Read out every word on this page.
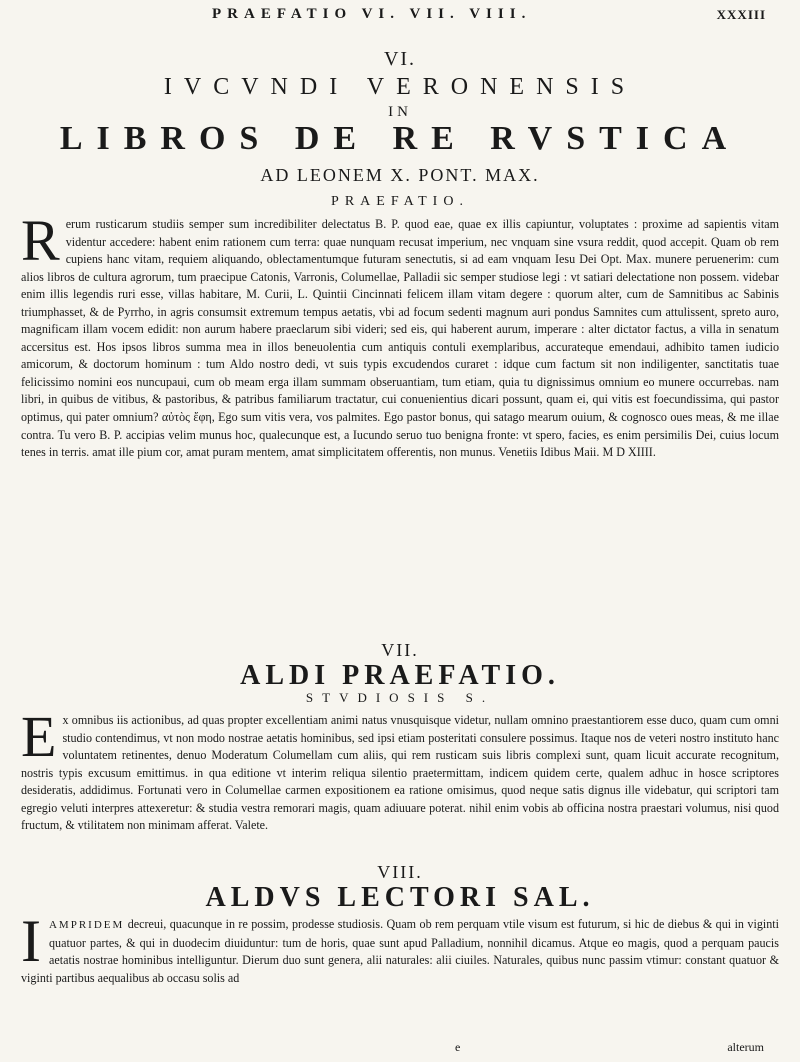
PRAEFATIO VI. VII. VIII.	XXXIII
VI.
IVCVNDI VERONENSIS
IN
LIBROS DE RE RVSTICA
AD LEONEM X. PONT. MAX.
PRAEFATIO.

Rerum rusticarum studiis semper sum incredibiliter delectatus B. P. quod eae, quae ex illis capiuntur, voluptates : proxime ad sapientis vitam videntur accedere: habent enim rationem cum terra: quae nunquam recusat imperium, nec vnquam sine vsura reddit, quod accepit. Quam ob rem cupiens hanc vitam, requiem aliquando, oblectamentumque futuram senectutis, si ad eam vnquam Iesu Dei Opt. Max. munere peruenerim: cum alios libros de cultura agrorum, tum praecipue Catonis, Varronis, Columellae, Palladii sic semper studiose legi : vt satiari delectatione non possem. videbar enim illis legendis ruri esse, villas habitare, M. Curii, L. Quintii Cincinnati felicem illam vitam degere : quorum alter, cum de Samnitibus ac Sabinis triumphasset, & de Pyrrho, in agris consumsit extremum tempus aetatis, vbi ad focum sedenti magnum auri pondus Samnites cum attulissent, spreto auro, magnificam illam vocem edidit: non aurum habere praeclarum sibi videri; sed eis, qui haberent aurum, imperare : alter dictator factus, a villa in senatum accersitus est. Hos ipsos libros summa mea in illos beneuolentia cum antiquis contuli exemplaribus, accurateque emendaui, adhibito tamen iudicio amicorum, & doctorum hominum : tum Aldo nostro dedi, vt suis typis excudendos curaret : idque cum factum sit non indiligenter, sanctitatis tuae felicissimo nomini eos nuncupaui, cum ob meam erga illam summam obseruantiam, tum etiam, quia tu dignissimus omnium eo munere occurrebas. nam libri, in quibus de vitibus, & pastoribus, & patribus familiarum tractatur, cui conuenientius dicari possunt, quam ei, qui vitis est foecundissima, qui pastor optimus, qui pater omnium? αὐτὸς ἔφη, Ego sum vitis vera, vos palmites. Ego pastor bonus, qui satago mearum ouium, & cognosco oues meas, & me illae contra. Tu vero B. P. accipias velim munus hoc, qualecunque est, a Iucundo seruo tuo benigna fronte: vt spero, facies, es enim persimilis Dei, cuius locum tenes in terris. amat ille pium cor, amat puram mentem, amat simplicitatem offerentis, non munus. Venetiis Idibus Maii. M D XIIII.

VII.
ALDI PRAEFATIO.
STVDIOSIS S.

Ex omnibus iis actionibus, ad quas propter excellentiam animi natus vnusquisque videtur, nullam omnino praestantiorem esse duco, quam cum omni studio contendimus, vt non modo nostrae aetatis hominibus, sed ipsi etiam posteritati consulere possimus. Itaque nos de veteri nostro instituto hanc voluntatem retinentes, denuo Moderatum Columellam cum aliis, qui rem rusticam suis libris complexi sunt, quam licuit accurate recognitum, nostris typis excusum emittimus. in qua editione vt interim reliqua silentio praetermittam, indicem quidem certe, qualem adhuc in hosce scriptores desideratis, addidimus. Fortunati vero in Columellae carmen expositionem ea ratione omisimus, quod neque satis dignus ille videbatur, qui scriptori tam egregio veluti interpres attexeretur: & studia vestra remorari magis, quam adiuuare poterat. nihil enim vobis ab officina nostra praestari volumus, nisi quod fructum, & vtilitatem non minimam afferat. Valete.

VIII.
ALDVS LECTORI SAL.

IAMPRIDEM decreui, quacunque in re possim, prodesse studiosis. Quam ob rem perquam vtile visum est futurum, si hic de diebus & qui in viginti quatuor partes, & qui in duodecim diuiduntur: tum de horis, quae sunt apud Palladium, nonnihil dicamus. Atque eo magis, quod a perquam paucis aetatis nostrae hominibus intelliguntur. Dierum duo sunt genera, alii naturales: alii ciuiles. Naturales, quibus nunc passim vtimur: constant quatuor & viginti partibus aequalibus ab occasu solis ad

e	alterum
